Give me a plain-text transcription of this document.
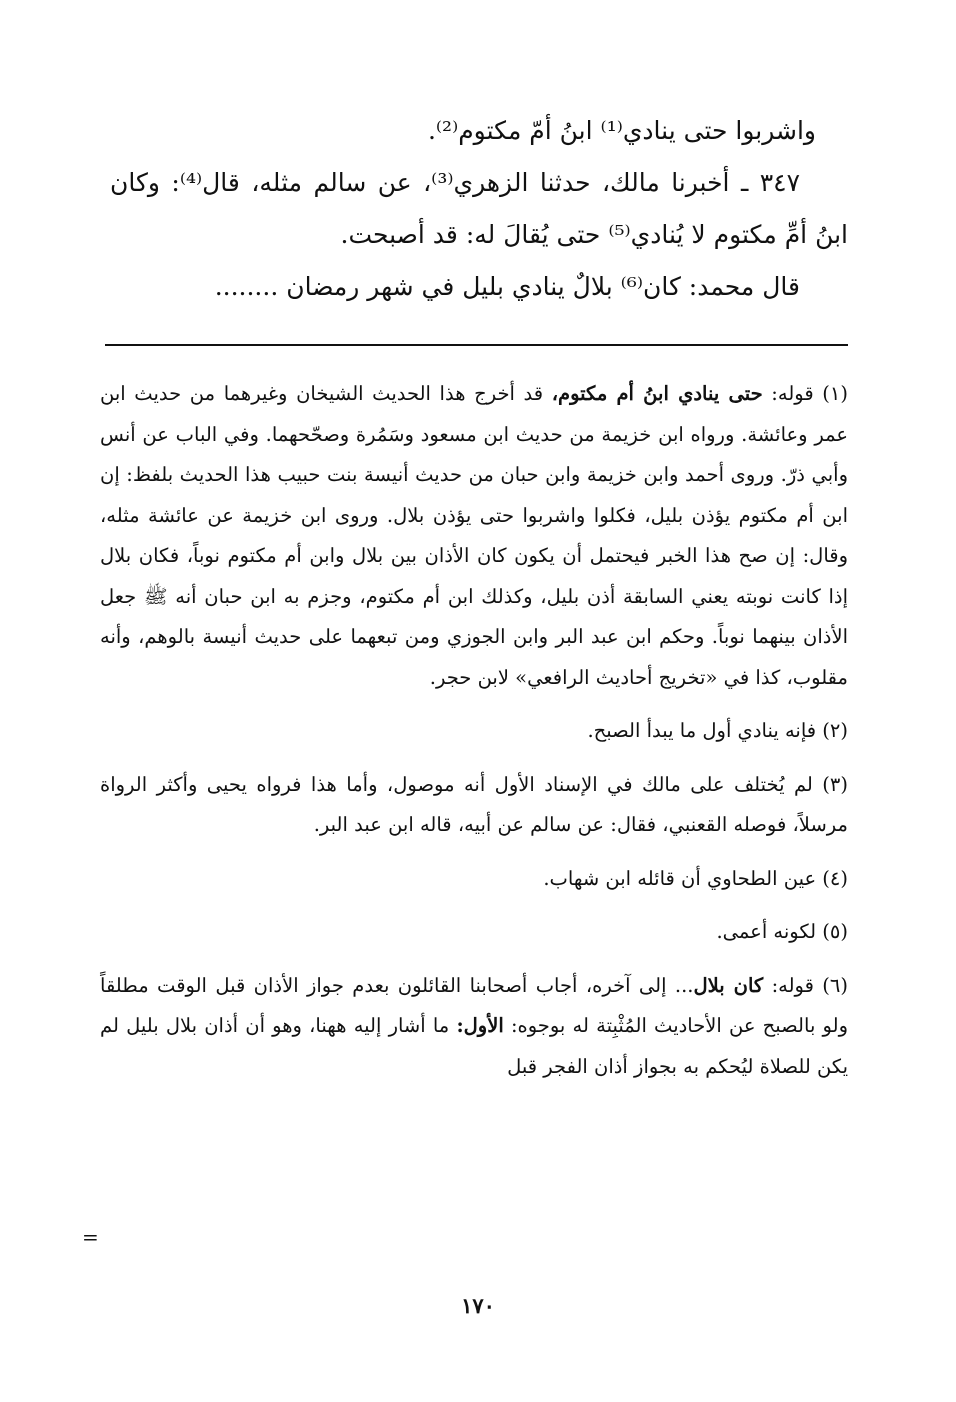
واشربوا حتى ينادي⁽¹⁾ ابنُ أمّ مكتوم⁽²⁾.

٣٤٧ ـ أخبرنا مالك، حدثنا الزهري⁽³⁾، عن سالم مثله، قال⁽⁴⁾: وكان ابنُ أمِّ مكتوم لا يُنادي⁽⁵⁾ حتى يُقالَ له: قد أصبحت.

قال محمد: كان⁽⁶⁾ بلالٌ ينادي بليل في شهر رمضان ........

(١) قوله: حتى ينادي ابنُ أم مكتوم، قد أخرج هذا الحديث الشيخان وغيرهما من حديث ابن عمر وعائشة. ورواه ابن خزيمة من حديث ابن مسعود وسَمُرة وصحّحهما. وفي الباب عن أنس وأبي ذرّ. وروى أحمد وابن خزيمة وابن حبان من حديث أنيسة بنت حبيب هذا الحديث بلفظ: إن ابن أم مكتوم يؤذن بليل، فكلوا واشربوا حتى يؤذن بلال. وروى ابن خزيمة عن عائشة مثله، وقال: إن صح هذا الخبر فيحتمل أن يكون كان الأذان بين بلال وابن أم مكتوم نوباً، فكان بلال إذا كانت نوبته يعني السابقة أذن بليل، وكذلك ابن أم مكتوم، وجزم به ابن حبان أنه ﷺ جعل الأذان بينهما نوباً. وحكم ابن عبد البر وابن الجوزي ومن تبعهما على حديث أنيسة بالوهم، وأنه مقلوب، كذا في «تخريج أحاديث الرافعي» لابن حجر.

(٢) فإنه ينادي أول ما يبدأ الصبح.

(٣) لم يُختلف على مالك في الإسناد الأول أنه موصول، وأما هذا فرواه يحيى وأكثر الرواة مرسلاً، فوصله القعنبي، فقال: عن سالم عن أبيه، قاله ابن عبد البر.

(٤) عين الطحاوي أن قائله ابن شهاب.

(٥) لكونه أعمى.

(٦) قوله: كان بلال... إلى آخره، أجاب أصحابنا القائلون بعدم جواز الأذان قبل الوقت مطلقاً ولو بالصبح عن الأحاديث المُثْبِتة له بوجوه: الأول: ما أشار إليه ههنا، وهو أن أذان بلال بليل لم يكن للصلاة ليُحكم به بجواز أذان الفجر قبل

=
١٧٠
